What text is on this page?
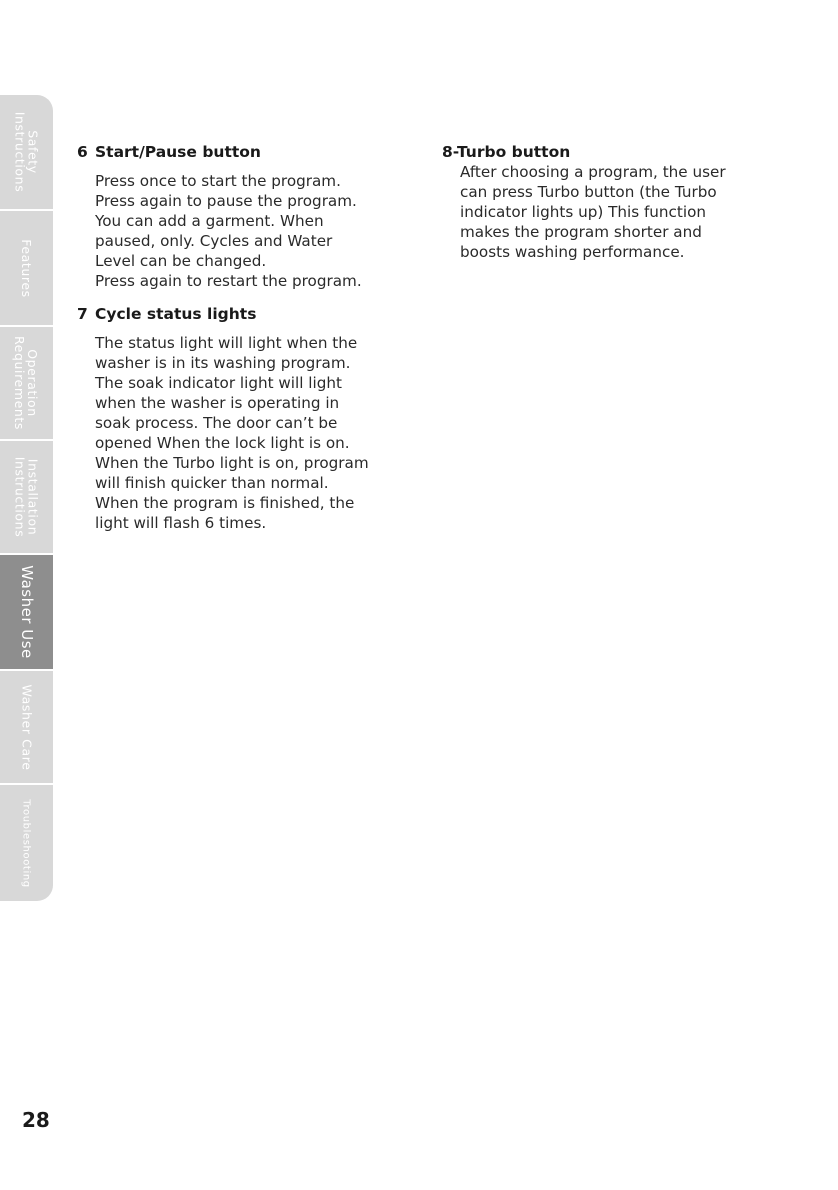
Safety
Instructions
Features
Operation
Requirements
Installation
Instructions
Washer Use
Washer Care
Troubleshooting
6 Start/Pause button
Press once to start the program.
Press again to pause the program.
You can add a garment. When
paused, only. Cycles and Water
Level can be changed.
Press again to restart the program.
7 Cycle status lights
The status light will light when the
washer is in its washing program.
The soak indicator light will light
when the washer is operating in
soak process. The door can’t be
opened When the lock light is on.
When the Turbo light is on, program
will finish quicker than normal.
When the program is finished, the
light will flash 6 times.
8-Turbo button
After choosing a program, the user
can press Turbo button (the Turbo
indicator lights up) This function
makes the program shorter and
boosts washing performance.
28
